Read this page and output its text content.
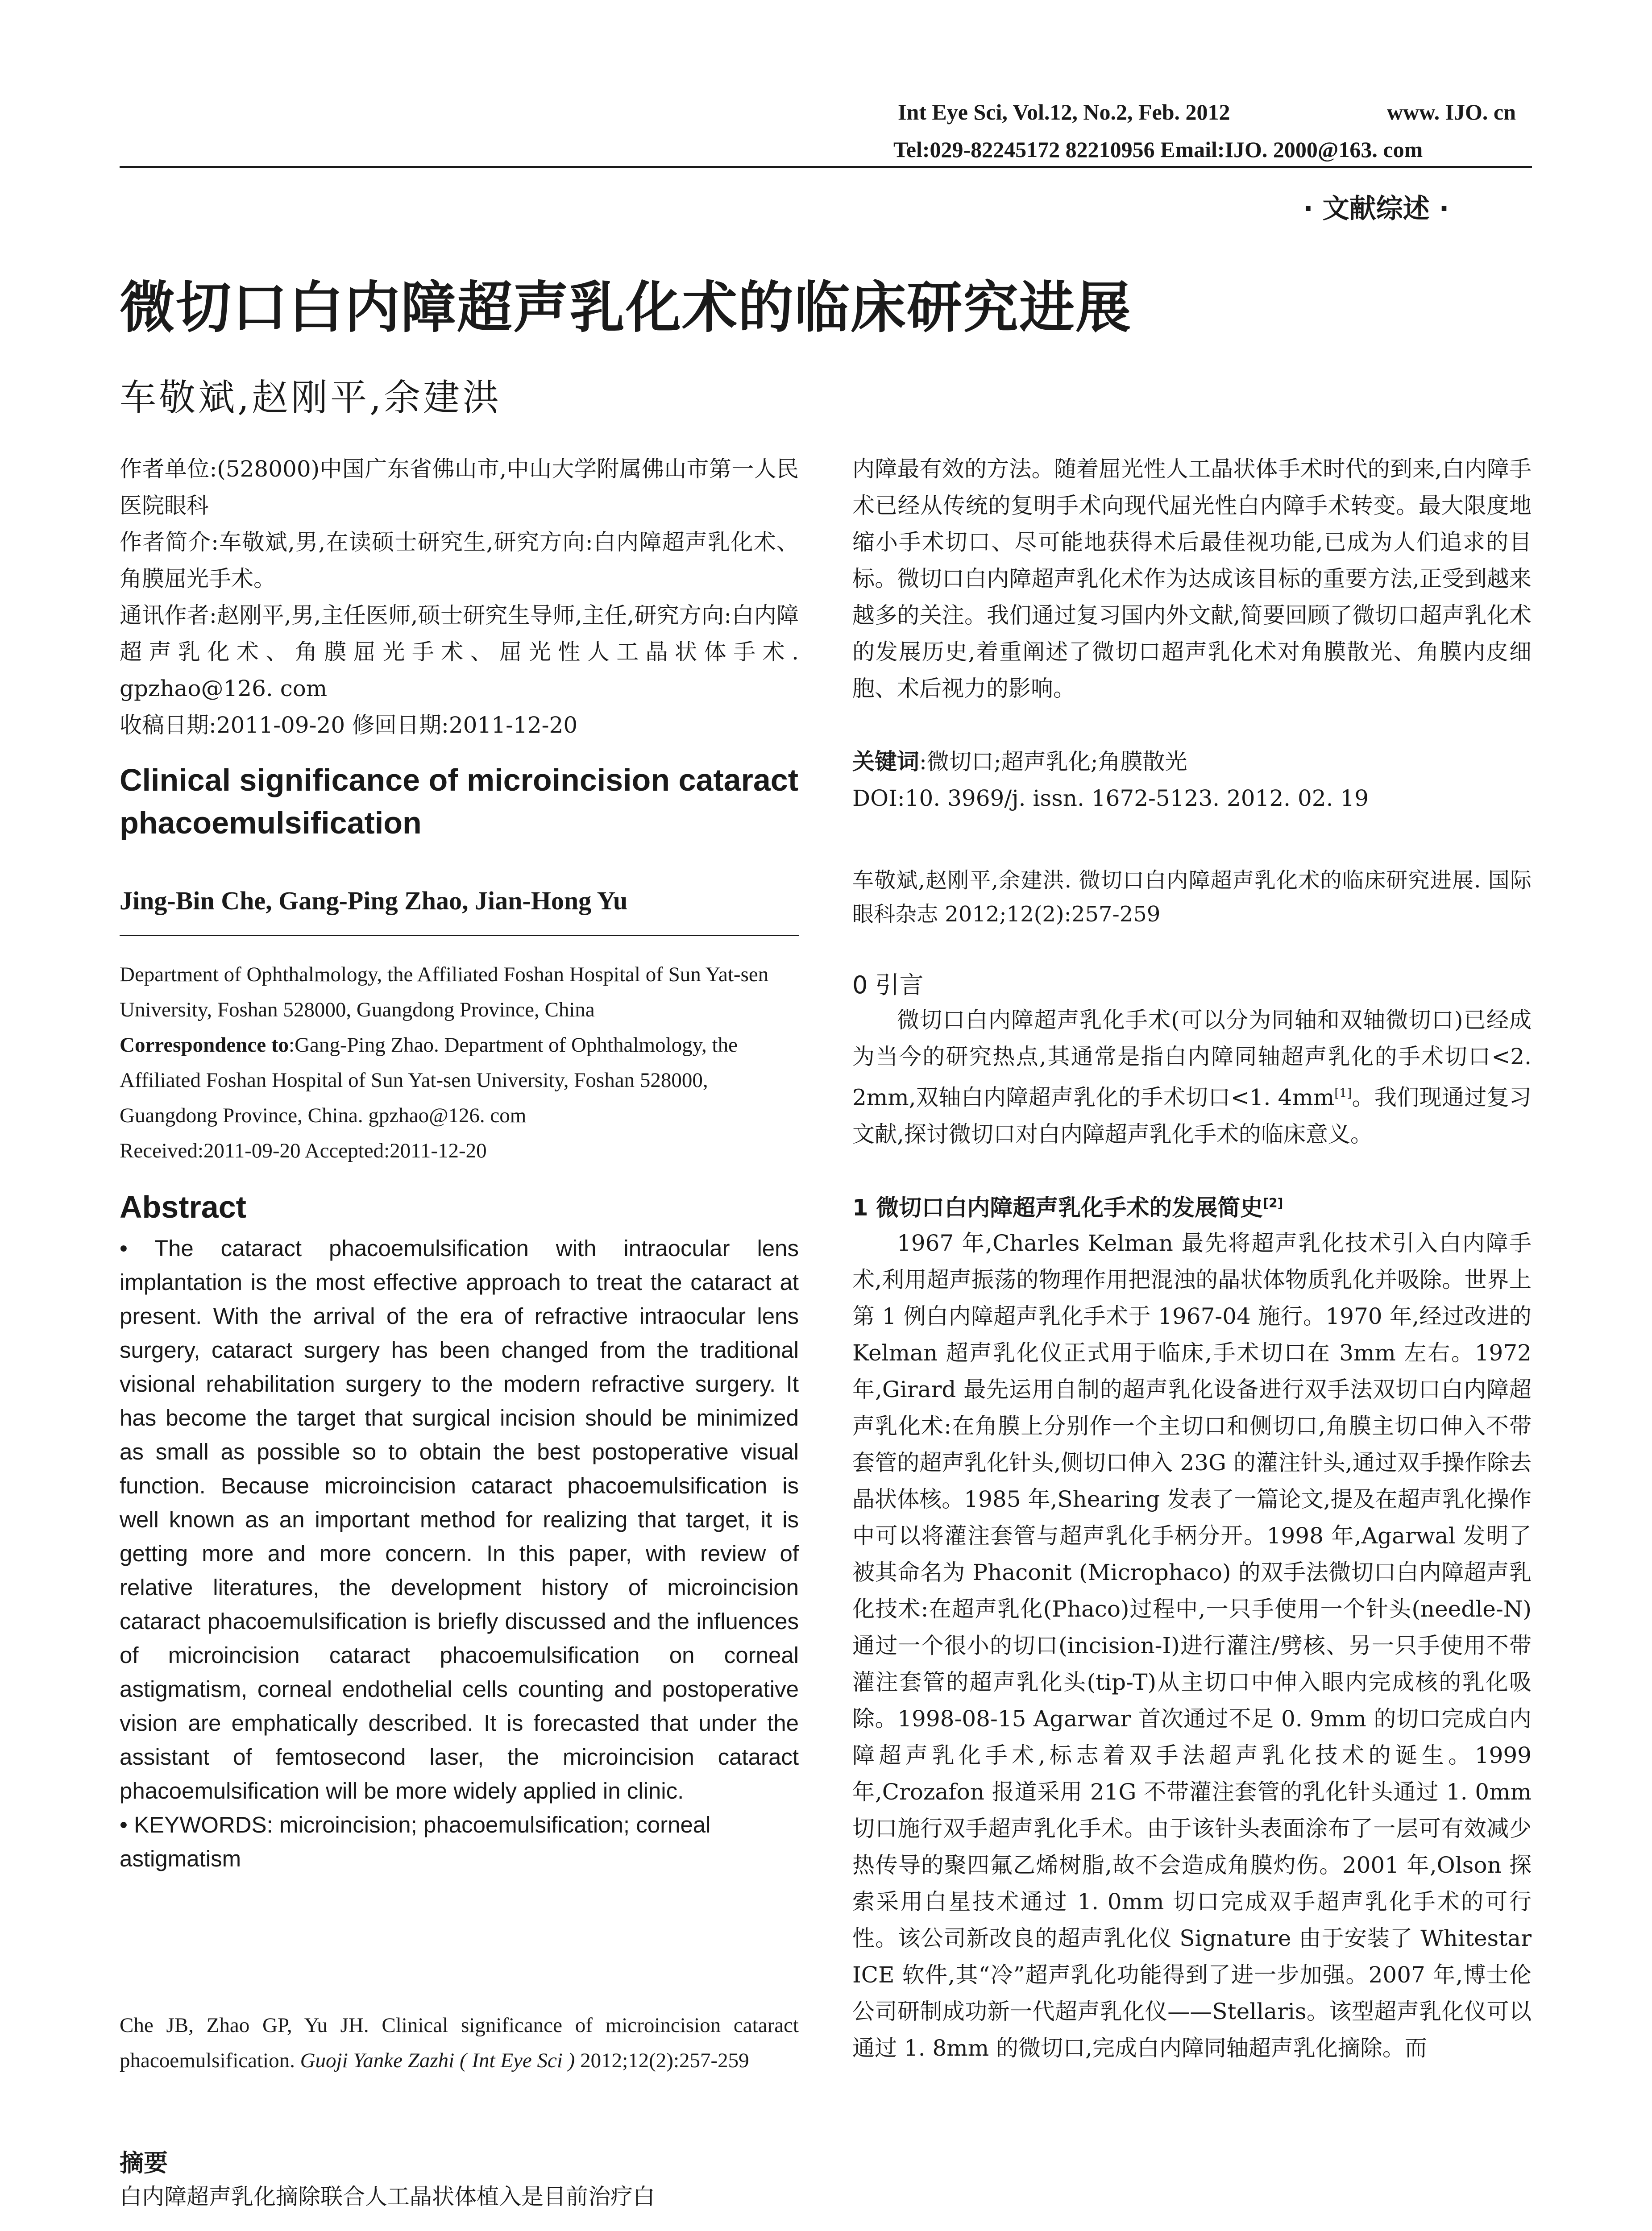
Int Eye Sci, Vol.12, No.2, Feb. 2012	www. IJO. cn
Tel:029-82245172 82210956 Email:IJO. 2000@163. com
· 文献综述 ·
微切口白内障超声乳化术的临床研究进展
车敬斌,赵刚平,余建洪

作者单位:(528000)中国广东省佛山市,中山大学附属佛山市第一人民医院眼科

作者简介:车敬斌,男,在读硕士研究生,研究方向:白内障超声乳化术、角膜屈光手术。

通讯作者:赵刚平,男,主任医师,硕士研究生导师,主任,研究方向:白内障超声乳化术、角膜屈光手术、屈光性人工晶状体手术. gpzhao@126. com

收稿日期:2011-09-20 修回日期:2011-12-20

Clinical significance of microincision cataract phacoemulsification
Jing-Bin Che, Gang-Ping Zhao, Jian-Hong Yu
Department of Ophthalmology, the Affiliated Foshan Hospital of Sun Yat-sen University, Foshan 528000, Guangdong Province, China
Correspondence to:Gang-Ping Zhao. Department of Ophthalmology, the Affiliated Foshan Hospital of Sun Yat-sen University, Foshan 528000, Guangdong Province, China. gpzhao@126. com
Received:2011-09-20 Accepted:2011-12-20
Abstract

• The cataract phacoemulsification with intraocular lens implantation is the most effective approach to treat the cataract at present. With the arrival of the era of refractive intraocular lens surgery, cataract surgery has been changed from the traditional visional rehabilitation surgery to the modern refractive surgery. It has become the target that surgical incision should be minimized as small as possible so to obtain the best postoperative visual function. Because microincision cataract phacoemulsification is well known as an important method for realizing that target, it is getting more and more concern. In this paper, with review of relative literatures, the development history of microincision cataract phacoemulsification is briefly discussed and the influences of microincision cataract phacoemulsification on corneal astigmatism, corneal endothelial cells counting and postoperative vision are emphatically described. It is forecasted that under the assistant of femtosecond laser, the microincision cataract phacoemulsification will be more widely applied in clinic.

• KEYWORDS: microincision; phacoemulsification; corneal astigmatism

Che JB, Zhao GP, Yu JH. Clinical significance of microincision cataract phacoemulsification. Guoji Yanke Zazhi ( Int Eye Sci ) 2012;12(2):257-259
摘要
白内障超声乳化摘除联合人工晶状体植入是目前治疗白
内障最有效的方法。随着屈光性人工晶状体手术时代的到来,白内障手术已经从传统的复明手术向现代屈光性白内障手术转变。最大限度地缩小手术切口、尽可能地获得术后最佳视功能,已成为人们追求的目标。微切口白内障超声乳化术作为达成该目标的重要方法,正受到越来越多的关注。我们通过复习国内外文献,简要回顾了微切口超声乳化术的发展历史,着重阐述了微切口超声乳化术对角膜散光、角膜内皮细胞、术后视力的影响。
关键词:微切口;超声乳化;角膜散光
DOI:10. 3969/j. issn. 1672-5123. 2012. 02. 19
车敬斌,赵刚平,余建洪. 微切口白内障超声乳化术的临床研究进展. 国际眼科杂志 2012;12(2):257-259
0 引言

微切口白内障超声乳化手术(可以分为同轴和双轴微切口)已经成为当今的研究热点,其通常是指白内障同轴超声乳化的手术切口<2. 2mm,双轴白内障超声乳化的手术切口<1. 4mm[1]。我们现通过复习文献,探讨微切口对白内障超声乳化手术的临床意义。

1 微切口白内障超声乳化手术的发展简史[2]

1967 年,Charles Kelman 最先将超声乳化技术引入白内障手术,利用超声振荡的物理作用把混浊的晶状体物质乳化并吸除。世界上第 1 例白内障超声乳化手术于 1967-04 施行。1970 年,经过改进的 Kelman 超声乳化仪正式用于临床,手术切口在 3mm 左右。1972 年,Girard 最先运用自制的超声乳化设备进行双手法双切口白内障超声乳化术:在角膜上分别作一个主切口和侧切口,角膜主切口伸入不带套管的超声乳化针头,侧切口伸入 23G 的灌注针头,通过双手操作除去晶状体核。1985 年,Shearing 发表了一篇论文,提及在超声乳化操作中可以将灌注套管与超声乳化手柄分开。1998 年,Agarwal 发明了被其命名为 Phaconit (Microphaco) 的双手法微切口白内障超声乳化技术:在超声乳化(Phaco)过程中,一只手使用一个针头(needle-N)通过一个很小的切口(incision-I)进行灌注/劈核、另一只手使用不带灌注套管的超声乳化头(tip-T)从主切口中伸入眼内完成核的乳化吸除。1998-08-15 Agarwar 首次通过不足 0. 9mm 的切口完成白内障超声乳化手术,标志着双手法超声乳化技术的诞生。1999 年,Crozafon 报道采用 21G 不带灌注套管的乳化针头通过 1. 0mm 切口施行双手超声乳化手术。由于该针头表面涂布了一层可有效减少热传导的聚四氟乙烯树脂,故不会造成角膜灼伤。2001 年,Olson 探索采用白星技术通过 1. 0mm 切口完成双手超声乳化手术的可行性。该公司新改良的超声乳化仪 Signature 由于安装了 Whitestar ICE 软件,其“冷”超声乳化功能得到了进一步加强。2007 年,博士伦公司研制成功新一代超声乳化仪——Stellaris。该型超声乳化仪可以通过 1. 8mm 的微切口,完成白内障同轴超声乳化摘除。而
